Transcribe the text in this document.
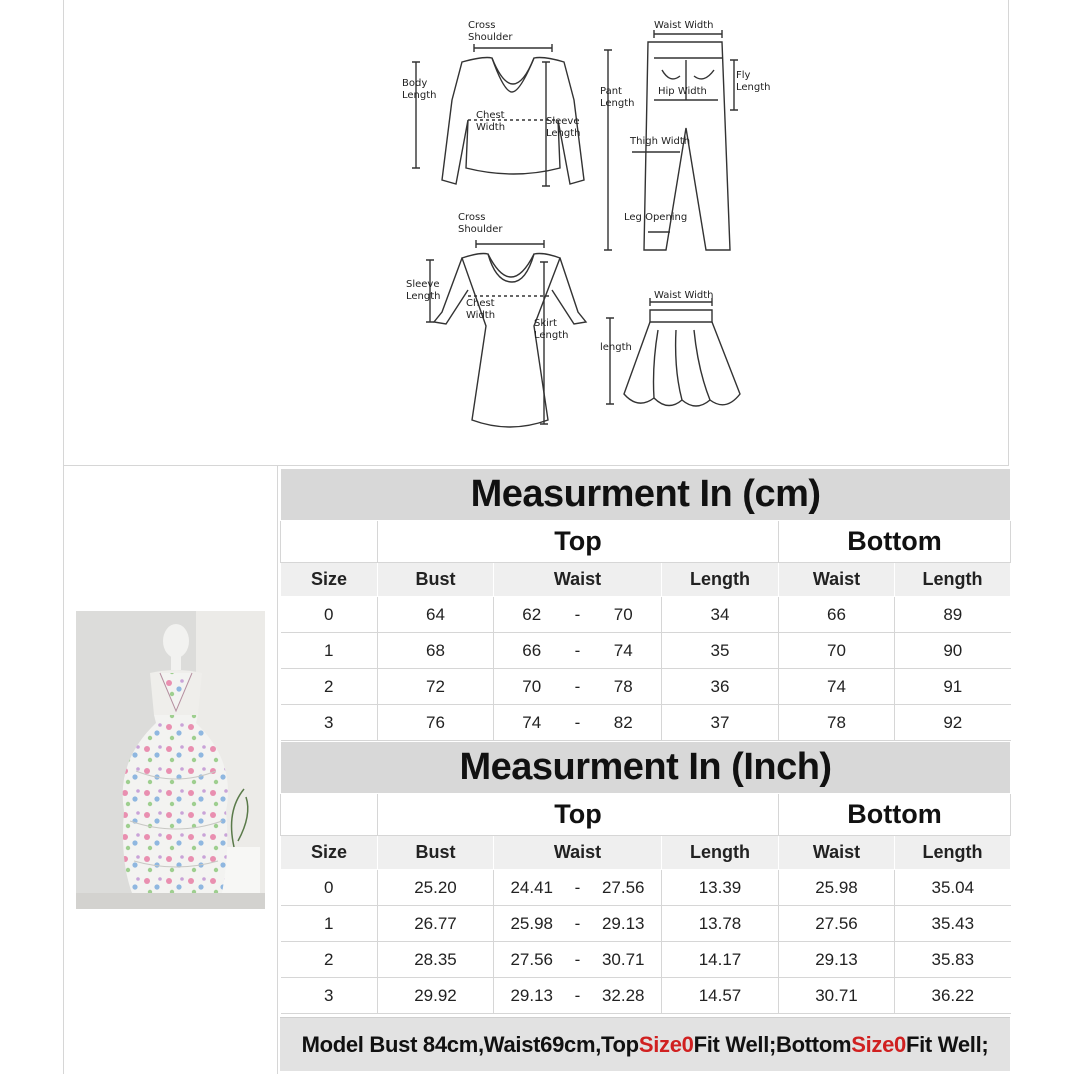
Cross
Shoulder
Body
Length
Chest
Width
Sleeve
Length
Waist Width
Pant
Length
Fly
Length
Hip Width
Thigh Width
Leg Opening
Cross
Shoulder
Sleeve
Length
Chest
Width
Skirt
Length
Waist Width
length
Measurment In (cm)							
	Top					Bottom	
Size	Bust	Waist			Length	Waist	Length
0	64	62	-	70	34	66	89
1	68	66	-	74	35	70	90
2	72	70	-	78	36	74	91
3	76	74	-	82	37	78	92
Measurment In (Inch)							
	Top					Bottom	
Size	Bust	Waist			Length	Waist	Length
0	25.20	24.41	-	27.56	13.39	25.98	35.04
1	26.77	25.98	-	29.13	13.78	27.56	35.43
2	28.35	27.56	-	30.71	14.17	29.13	35.83
3	29.92	29.13	-	32.28	14.57	30.71	36.22
Model Bust 84cm,Waist69cm,Top Size0 Fit Well;Bottom Size0 Fit Well;
